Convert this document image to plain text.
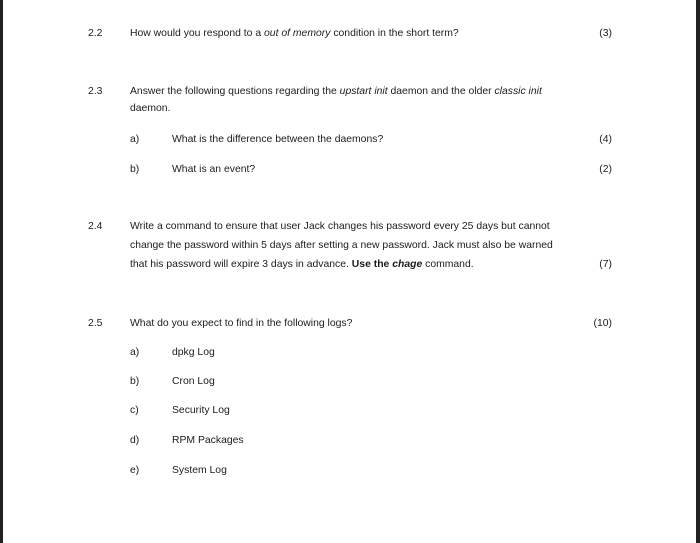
2.2	How would you respond to a out of memory condition in the short term?	(3)
2.3	Answer the following questions regarding the upstart init daemon and the older classic init
daemon.
a)	What is the difference between the daemons?	(4)
b)	What is an event?	(2)
2.4	Write a command to ensure that user Jack changes his password every 25 days but cannot
change the password within 5 days after setting a new password. Jack must also be warned
that his password will expire 3 days in advance. Use the chage command.	(7)
2.5	What do you expect to find in the following logs?	(10)
a)	dpkg Log
b)	Cron Log
c)	Security Log
d)	RPM Packages
e)	System Log
